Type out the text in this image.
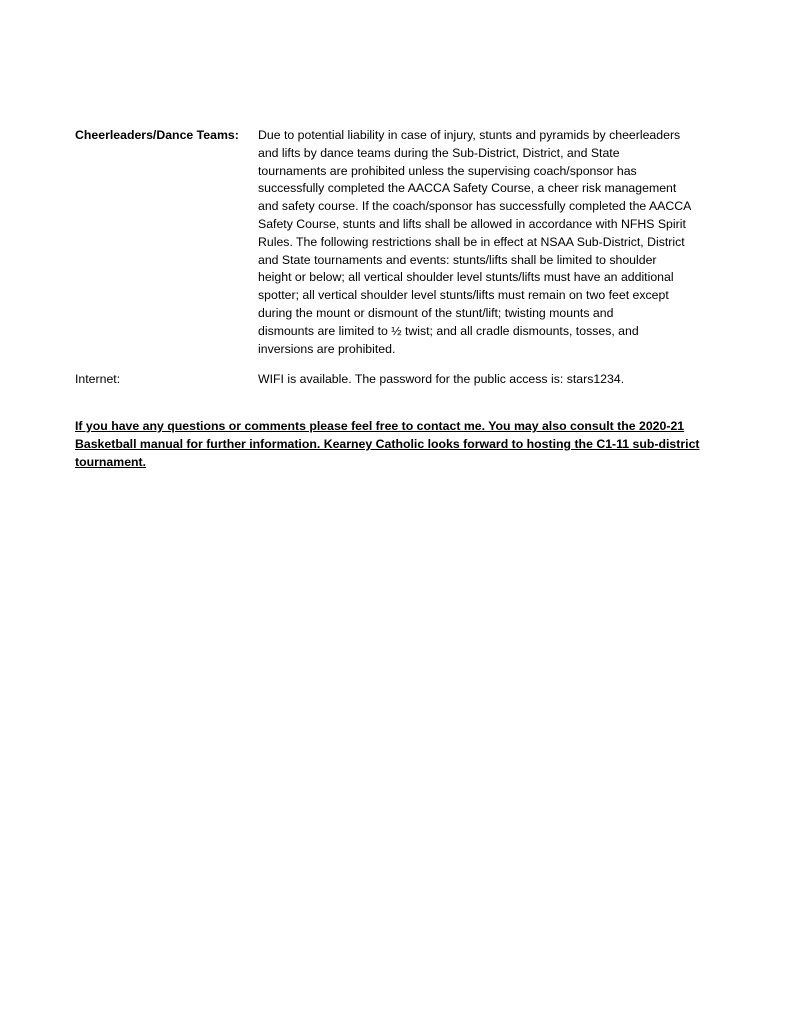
Cheerleaders/Dance Teams:	Due to potential liability in case of injury, stunts and pyramids by cheerleaders
and lifts by dance teams during the Sub-District, District, and State
tournaments are prohibited unless the supervising coach/sponsor has
successfully completed the AACCA Safety Course, a cheer risk management
and safety course. If the coach/sponsor has successfully completed the AACCA
Safety Course, stunts and lifts shall be allowed in accordance with NFHS Spirit
Rules. The following restrictions shall be in effect at NSAA Sub-District, District
and State tournaments and events: stunts/lifts shall be limited to shoulder
height or below; all vertical shoulder level stunts/lifts must have an additional
spotter; all vertical shoulder level stunts/lifts must remain on two feet except
during the mount or dismount of the stunt/lift; twisting mounts and
dismounts are limited to ½ twist; and all cradle dismounts, tosses, and
inversions are prohibited.
Internet:	WIFI is available. The password for the public access is: stars1234.
If you have any questions or comments please feel free to contact me. You may also consult the 2020-21
Basketball manual for further information. Kearney Catholic looks forward to hosting the C1-11 sub-district
tournament.
